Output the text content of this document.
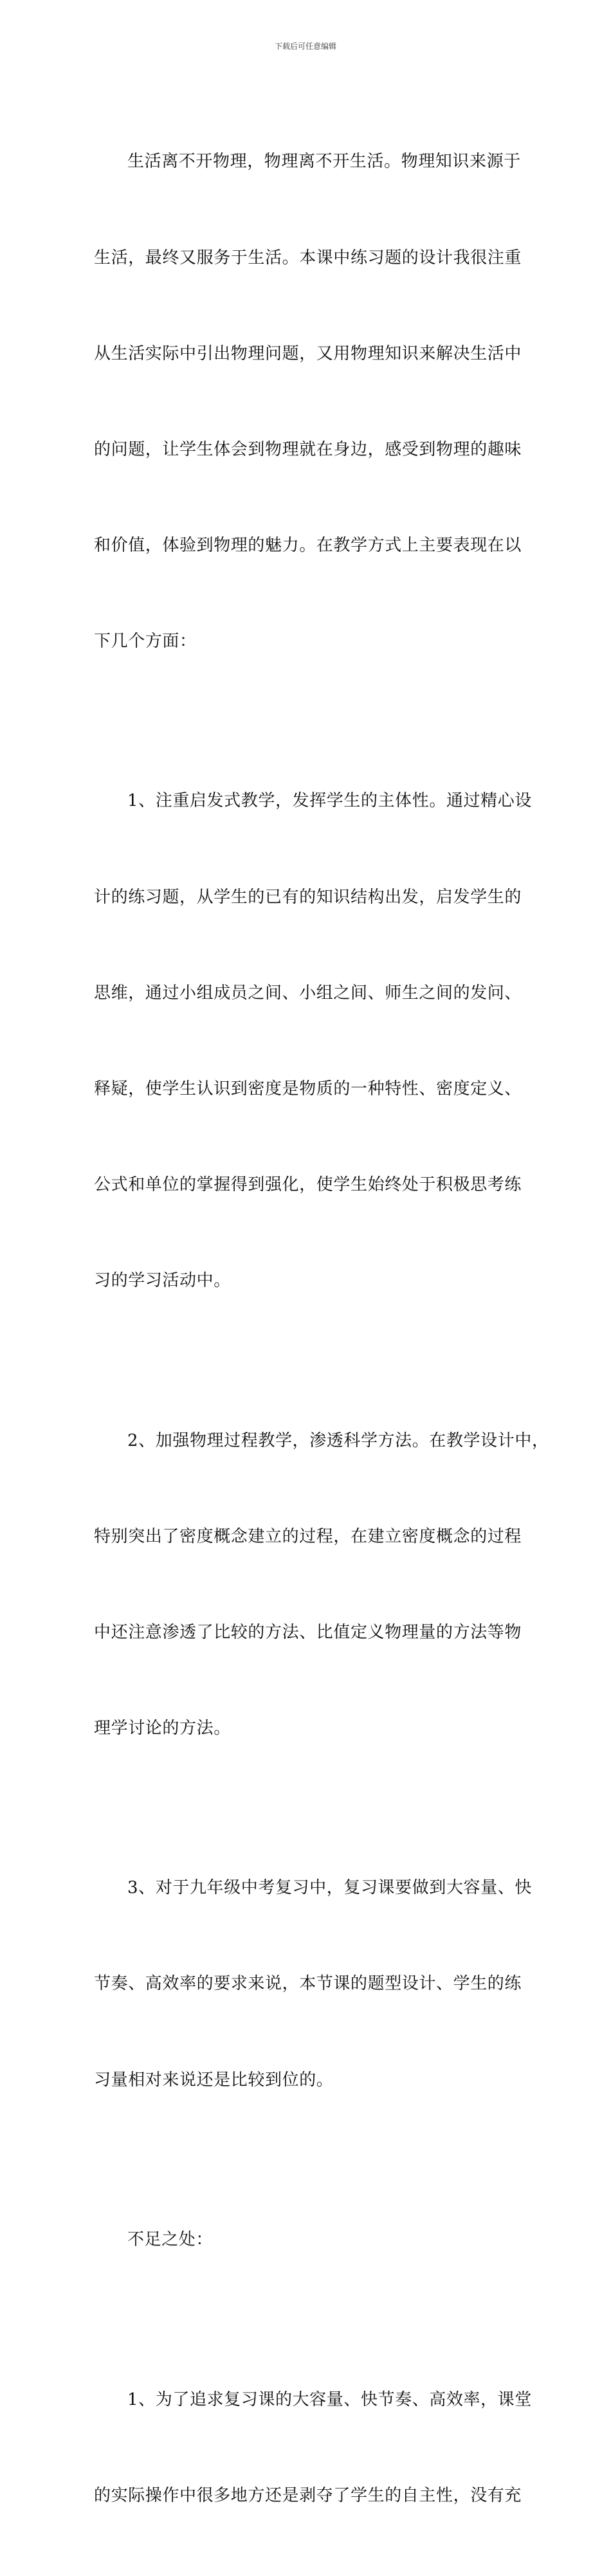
下载后可任意编辑

生活离不开物理，物理离不开生活。物理知识来源于

生活，最终又服务于生活。本课中练习题的设计我很注重

从生活实际中引出物理问题，又用物理知识来解决生活中

的问题，让学生体会到物理就在身边，感受到物理的趣味

和价值，体验到物理的魅力。在教学方式上主要表现在以

下几个方面：

1、注重启发式教学，发挥学生的主体性。通过精心设

计的练习题，从学生的已有的知识结构出发，启发学生的

思维，通过小组成员之间、小组之间、师生之间的发问、

释疑，使学生认识到密度是物质的一种特性、密度定义、

公式和单位的掌握得到强化，使学生始终处于积极思考练

习的学习活动中。

2、加强物理过程教学，渗透科学方法。在教学设计中，

特别突出了密度概念建立的过程，在建立密度概念的过程

中还注意渗透了比较的方法、比值定义物理量的方法等物

理学讨论的方法。

3、对于九年级中考复习中，复习课要做到大容量、快

节奏、高效率的要求来说，本节课的题型设计、学生的练

习量相对来说还是比较到位的。

不足之处：

1、为了追求复习课的大容量、快节奏、高效率，课堂

的实际操作中很多地方还是剥夺了学生的自主性，没有充
